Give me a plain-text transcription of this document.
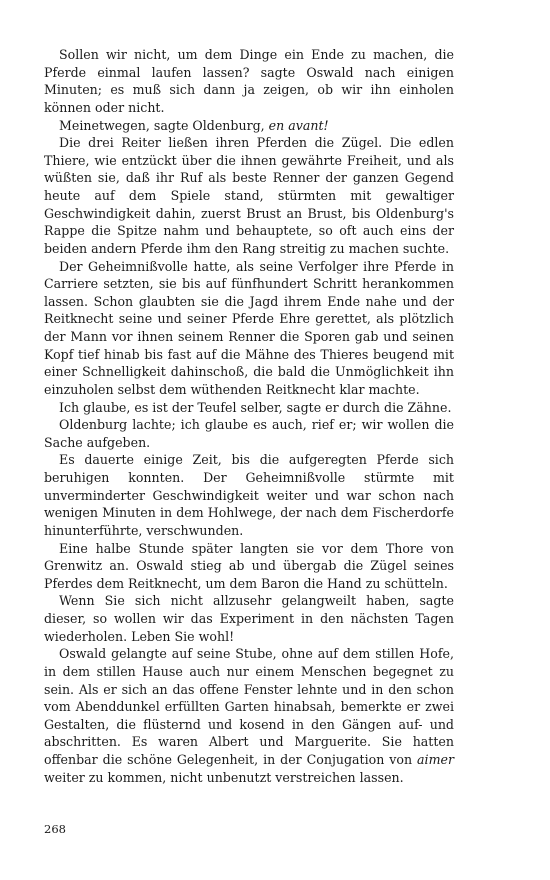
Sollen wir nicht, um dem Dinge ein Ende zu machen, die Pferde einmal laufen lassen? sagte Oswald nach einigen Minuten; es muß sich dann ja zeigen, ob wir ihn einholen können oder nicht.

Meinetwegen, sagte Oldenburg, en avant!

Die drei Reiter ließen ihren Pferden die Zügel. Die edlen Thiere, wie entzückt über die ihnen gewährte Freiheit, und als wüßten sie, daß ihr Ruf als beste Renner der ganzen Gegend heute auf dem Spiele stand, stürmten mit gewaltiger Geschwindigkeit dahin, zuerst Brust an Brust, bis Oldenburg's Rappe die Spitze nahm und behauptete, so oft auch eins der beiden andern Pferde ihm den Rang streitig zu machen suchte.

Der Geheimnißvolle hatte, als seine Verfolger ihre Pferde in Carriere setzten, sie bis auf fünfhundert Schritt herankommen lassen. Schon glaubten sie die Jagd ihrem Ende nahe und der Reitknecht seine und seiner Pferde Ehre gerettet, als plötzlich der Mann vor ihnen seinem Renner die Sporen gab und seinen Kopf tief hinab bis fast auf die Mähne des Thieres beugend mit einer Schnelligkeit dahinschoß, die bald die Unmöglichkeit ihn einzuholen selbst dem wüthenden Reitknecht klar machte.

Ich glaube, es ist der Teufel selber, sagte er durch die Zähne.

Oldenburg lachte; ich glaube es auch, rief er; wir wollen die Sache aufgeben.

Es dauerte einige Zeit, bis die aufgeregten Pferde sich beruhigen konnten. Der Geheimnißvolle stürmte mit unverminderter Geschwindigkeit weiter und war schon nach wenigen Minuten in dem Hohlwege, der nach dem Fischerdorfe hinunterführte, verschwunden.

Eine halbe Stunde später langten sie vor dem Thore von Grenwitz an. Oswald stieg ab und übergab die Zügel seines Pferdes dem Reitknecht, um dem Baron die Hand zu schütteln.

Wenn Sie sich nicht allzusehr gelangweilt haben, sagte dieser, so wollen wir das Experiment in den nächsten Tagen wiederholen. Leben Sie wohl!

Oswald gelangte auf seine Stube, ohne auf dem stillen Hofe, in dem stillen Hause auch nur einem Menschen begegnet zu sein. Als er sich an das offene Fenster lehnte und in den schon vom Abenddunkel erfüllten Garten hinabsah, bemerkte er zwei Gestalten, die flüsternd und kosend in den Gängen auf- und abschritten. Es waren Albert und Marguerite. Sie hatten offenbar die schöne Gelegenheit, in der Conjugation von aimer weiter zu kommen, nicht unbenutzt verstreichen lassen.

268
